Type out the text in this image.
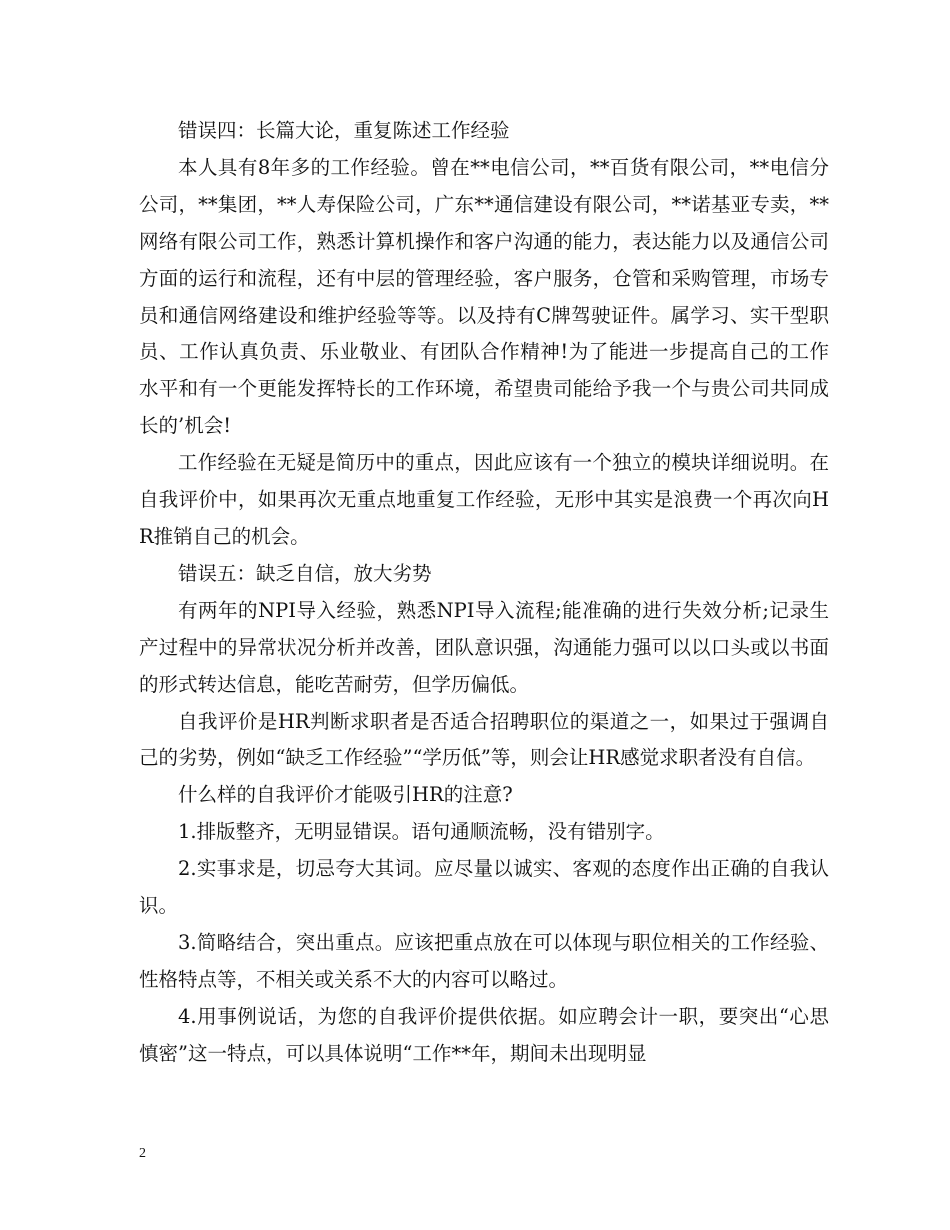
错误四：长篇大论，重复陈述工作经验

本人具有8年多的工作经验。曾在**电信公司，**百货有限公司，**电信分公司，**集团，**人寿保险公司，广东**通信建设有限公司，**诺基亚专卖，**网络有限公司工作，熟悉计算机操作和客户沟通的能力，表达能力以及通信公司方面的运行和流程，还有中层的管理经验，客户服务，仓管和采购管理，市场专员和通信网络建设和维护经验等等。以及持有C牌驾驶证件。属学习、实干型职员、工作认真负责、乐业敬业、有团队合作精神!为了能进一步提高自己的工作水平和有一个更能发挥特长的工作环境，希望贵司能给予我一个与贵公司共同成长的’机会!

工作经验在无疑是简历中的重点，因此应该有一个独立的模块详细说明。在自我评价中，如果再次无重点地重复工作经验，无形中其实是浪费一个再次向HR推销自己的机会。

错误五：缺乏自信，放大劣势

有两年的NPI导入经验，熟悉NPI导入流程;能准确的进行失效分析;记录生产过程中的异常状况分析并改善，团队意识强，沟通能力强可以以口头或以书面的形式转达信息，能吃苦耐劳，但学历偏低。

自我评价是HR判断求职者是否适合招聘职位的渠道之一，如果过于强调自己的劣势，例如“缺乏工作经验”“学历低”等，则会让HR感觉求职者没有自信。

什么样的自我评价才能吸引HR的注意?

1.排版整齐，无明显错误。语句通顺流畅，没有错别字。

2.实事求是，切忌夸大其词。应尽量以诚实、客观的态度作出正确的自我认识。

3.简略结合，突出重点。应该把重点放在可以体现与职位相关的工作经验、性格特点等，不相关或关系不大的内容可以略过。

4.用事例说话，为您的自我评价提供依据。如应聘会计一职，要突出“心思慎密”这一特点，可以具体说明“工作**年，期间未出现明显

2
